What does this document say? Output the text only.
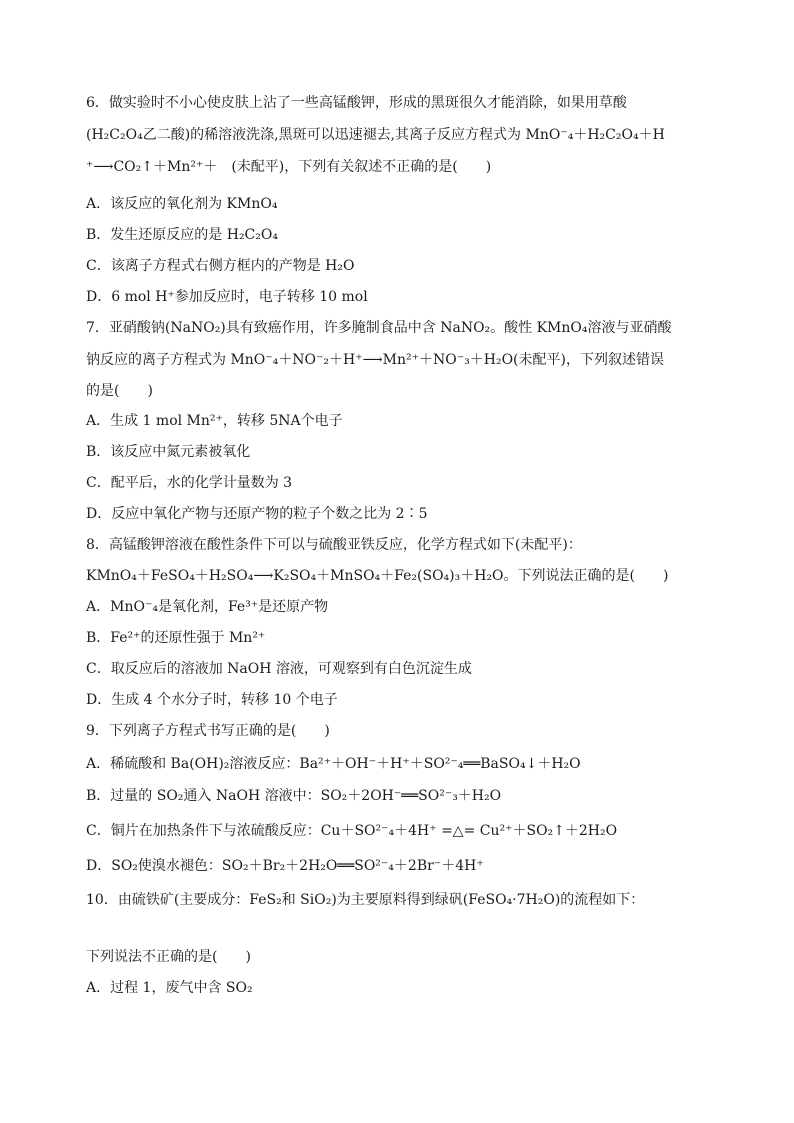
6．做实验时不小心使皮肤上沾了一些高锰酸钾，形成的黑斑很久才能消除，如果用草酸
(H₂C₂O₄乙二酸)的稀溶液洗涤,黑斑可以迅速褪去,其离子反应方程式为 MnO⁻₄＋H₂C₂O₄＋H
⁺⟶CO₂↑＋Mn²⁺＋　(未配平)，下列有关叙述不正确的是(　　)
A．该反应的氧化剂为 KMnO₄
B．发生还原反应的是 H₂C₂O₄
C．该离子方程式右侧方框内的产物是 H₂O
D．6 mol H⁺参加反应时，电子转移 10 mol
7．亚硝酸钠(NaNO₂)具有致癌作用，许多腌制食品中含 NaNO₂。酸性 KMnO₄溶液与亚硝酸
钠反应的离子方程式为 MnO⁻₄＋NO⁻₂＋H⁺⟶Mn²⁺＋NO⁻₃＋H₂O(未配平)，下列叙述错误
的是(　　)
A．生成 1 mol Mn²⁺，转移 5NA个电子
B．该反应中氮元素被氧化
C．配平后，水的化学计量数为 3
D．反应中氧化产物与还原产物的粒子个数之比为 2∶5
8．高锰酸钾溶液在酸性条件下可以与硫酸亚铁反应，化学方程式如下(未配平)：
KMnO₄＋FeSO₄＋H₂SO₄⟶K₂SO₄＋MnSO₄＋Fe₂(SO₄)₃＋H₂O。下列说法正确的是(　　)
A．MnO⁻₄是氧化剂，Fe³⁺是还原产物
B．Fe²⁺的还原性强于 Mn²⁺
C．取反应后的溶液加 NaOH 溶液，可观察到有白色沉淀生成
D．生成 4 个水分子时，转移 10 个电子
9．下列离子方程式书写正确的是(　　)
A．稀硫酸和 Ba(OH)₂溶液反应：Ba²⁺＋OH⁻＋H⁺＋SO²⁻₄══BaSO₄↓＋H₂O
B．过量的 SO₂通入 NaOH 溶液中：SO₂＋2OH⁻══SO²⁻₃＋H₂O
C．铜片在加热条件下与浓硫酸反应：Cu＋SO²⁻₄＋4H⁺ =△= Cu²⁺＋SO₂↑＋2H₂O
D．SO₂使溴水褪色：SO₂＋Br₂＋2H₂O══SO²⁻₄＋2Br⁻＋4H⁺
10．由硫铁矿(主要成分：FeS₂和 SiO₂)为主要原料得到绿矾(FeSO₄·7H₂O)的流程如下：
下列说法不正确的是(　　)
A．过程 1，废气中含 SO₂
